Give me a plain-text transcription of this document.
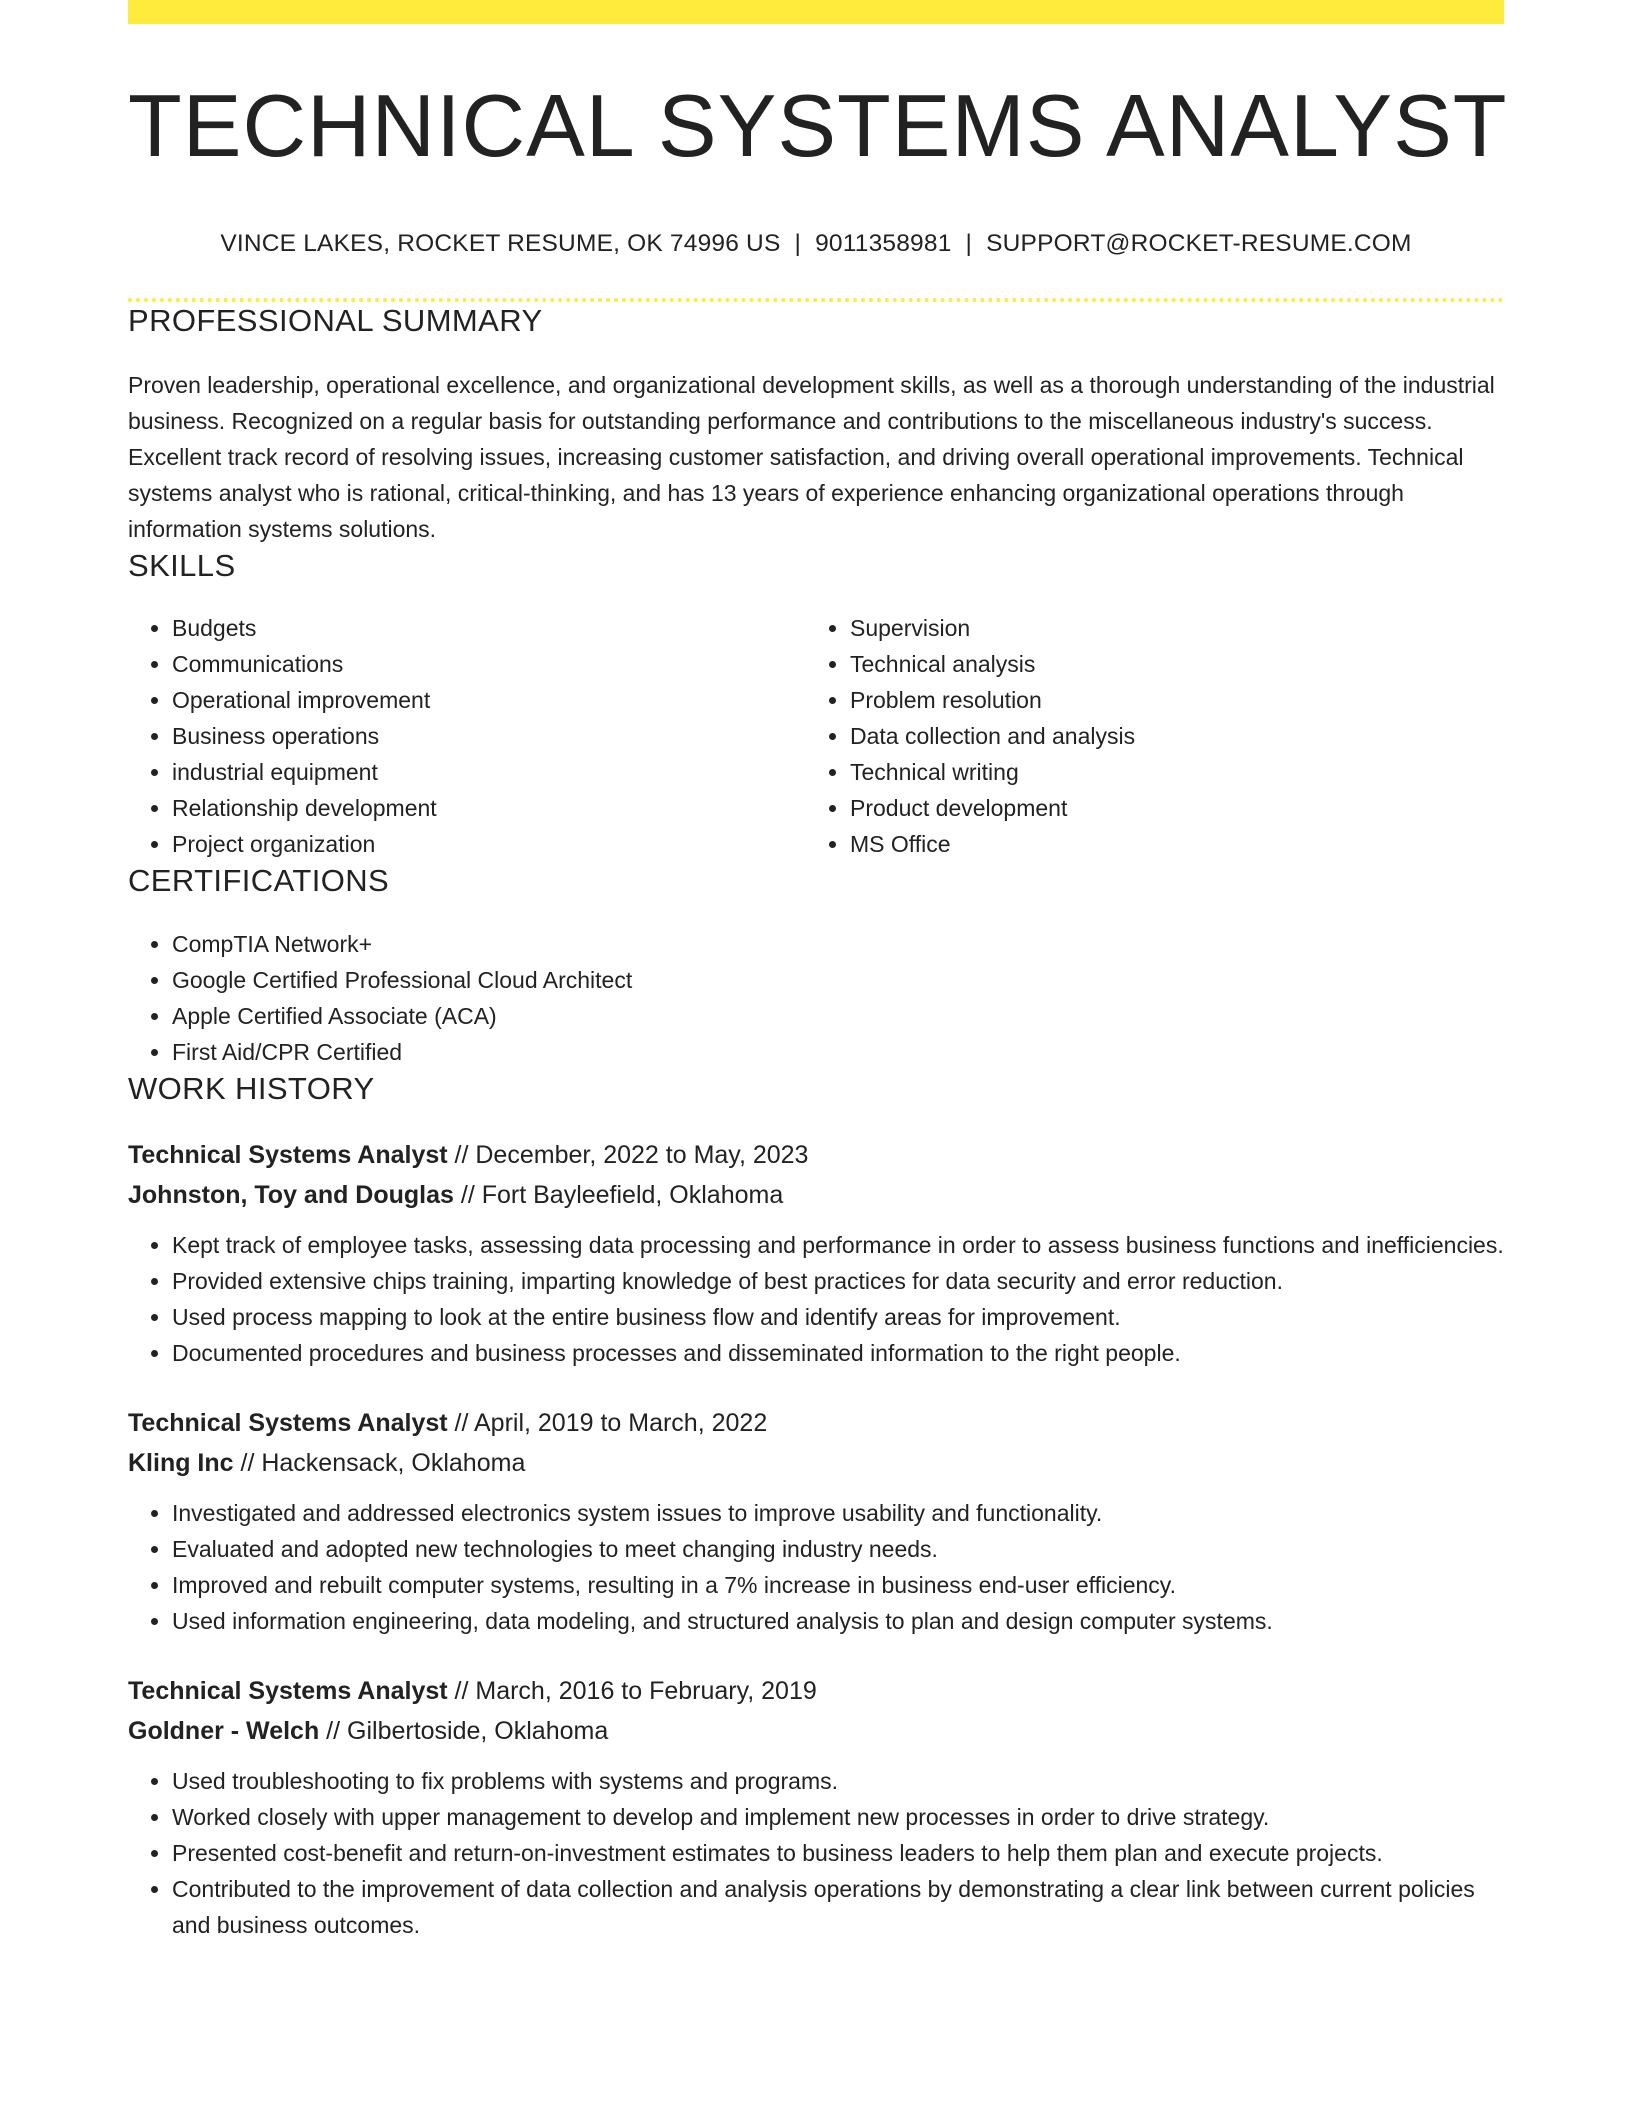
TECHNICAL SYSTEMS ANALYST
VINCE LAKES, ROCKET RESUME, OK 74996 US | 9011358981 | SUPPORT@ROCKET-RESUME.COM
PROFESSIONAL SUMMARY

Proven leadership, operational excellence, and organizational development skills, as well as a thorough understanding of the industrial business. Recognized on a regular basis for outstanding performance and contributions to the miscellaneous industry's success. Excellent track record of resolving issues, increasing customer satisfaction, and driving overall operational improvements. Technical systems analyst who is rational, critical-thinking, and has 13 years of experience enhancing organizational operations through information systems solutions.

SKILLS
• Budgets
• Communications
• Operational improvement
• Business operations
• industrial equipment
• Relationship development
• Project organization
• Supervision
• Technical analysis
• Problem resolution
• Data collection and analysis
• Technical writing
• Product development
• MS Office
CERTIFICATIONS
• CompTIA Network+
• Google Certified Professional Cloud Architect
• Apple Certified Associate (ACA)
• First Aid/CPR Certified
WORK HISTORY
Technical Systems Analyst // December, 2022 to May, 2023
Johnston, Toy and Douglas // Fort Bayleefield, Oklahoma
• Kept track of employee tasks, assessing data processing and performance in order to assess business functions and inefficiencies.
• Provided extensive chips training, imparting knowledge of best practices for data security and error reduction.
• Used process mapping to look at the entire business flow and identify areas for improvement.
• Documented procedures and business processes and disseminated information to the right people.
Technical Systems Analyst // April, 2019 to March, 2022
Kling Inc // Hackensack, Oklahoma
• Investigated and addressed electronics system issues to improve usability and functionality.
• Evaluated and adopted new technologies to meet changing industry needs.
• Improved and rebuilt computer systems, resulting in a 7% increase in business end-user efficiency.
• Used information engineering, data modeling, and structured analysis to plan and design computer systems.
Technical Systems Analyst // March, 2016 to February, 2019
Goldner - Welch // Gilbertoside, Oklahoma
• Used troubleshooting to fix problems with systems and programs.
• Worked closely with upper management to develop and implement new processes in order to drive strategy.
• Presented cost-benefit and return-on-investment estimates to business leaders to help them plan and execute projects.
• Contributed to the improvement of data collection and analysis operations by demonstrating a clear link between current policies and business outcomes.
